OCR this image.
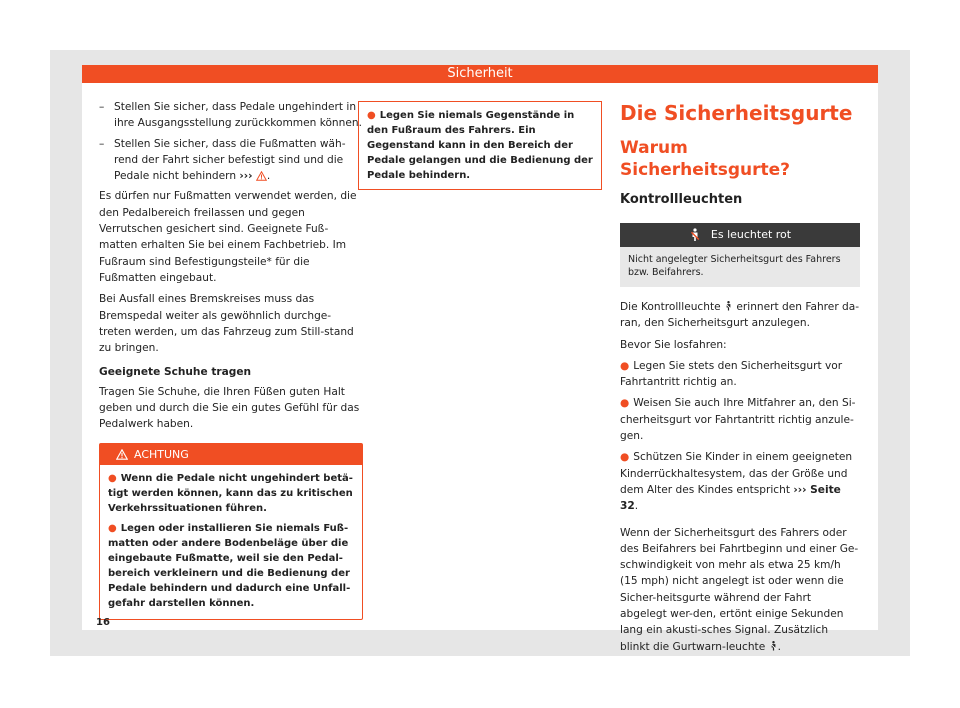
Sicherheit
– Stellen Sie sicher, dass Pedale ungehindert in ihre Ausgangsstellung zurückkommen können.
– Stellen Sie sicher, dass die Fußmatten wäh-rend der Fahrt sicher befestigt sind und die Pedale nicht behindern ››› .

Es dürfen nur Fußmatten verwendet werden, die den Pedalbereich freilassen und gegen Verrutschen gesichert sind. Geeignete Fuß-matten erhalten Sie bei einem Fachbetrieb. Im Fußraum sind Befestigungsteile* für die Fußmatten eingebaut.

Bei Ausfall eines Bremskreises muss das Bremspedal weiter als gewöhnlich durchge-treten werden, um das Fahrzeug zum Still-stand zu bringen.

Geeignete Schuhe tragen

Tragen Sie Schuhe, die Ihren Füßen guten Halt geben und durch die Sie ein gutes Gefühl für das Pedalwerk haben.

ACHTUNG

● Wenn die Pedale nicht ungehindert betä-tigt werden können, kann das zu kritischen Verkehrssituationen führen.

● Legen oder installieren Sie niemals Fuß-matten oder andere Bodenbeläge über die eingebaute Fußmatte, weil sie den Pedal-bereich verkleinern und die Bedienung der Pedale behindern und dadurch eine Unfall-gefahr darstellen können.

● Legen Sie niemals Gegenstände in den Fußraum des Fahrers. Ein Gegenstand kann in den Bereich der Pedale gelangen und die Bedienung der Pedale behindern.
Die Sicherheitsgurte
Warum Sicherheitsgurte?
Kontrollleuchten
Es leuchtet rot
Nicht angelegter Sicherheitsgurt des Fahrers bzw. Beifahrers.

Die Kontrollleuchte erinnert den Fahrer da-ran, den Sicherheitsgurt anzulegen.

Bevor Sie losfahren:

● Legen Sie stets den Sicherheitsgurt vor Fahrtantritt richtig an.

● Weisen Sie auch Ihre Mitfahrer an, den Si-cherheitsgurt vor Fahrtantritt richtig anzule-gen.

● Schützen Sie Kinder in einem geeigneten Kinderrückhaltesystem, das der Größe und dem Alter des Kindes entspricht ››› Seite 32.

Wenn der Sicherheitsgurt des Fahrers oder des Beifahrers bei Fahrtbeginn und einer Ge-schwindigkeit von mehr als etwa 25 km/h (15 mph) nicht angelegt ist oder wenn die Sicher-heitsgurte während der Fahrt abgelegt wer-den, ertönt einige Sekunden lang ein akusti-sches Signal. Zusätzlich blinkt die Gurtwarn-leuchte .

16
